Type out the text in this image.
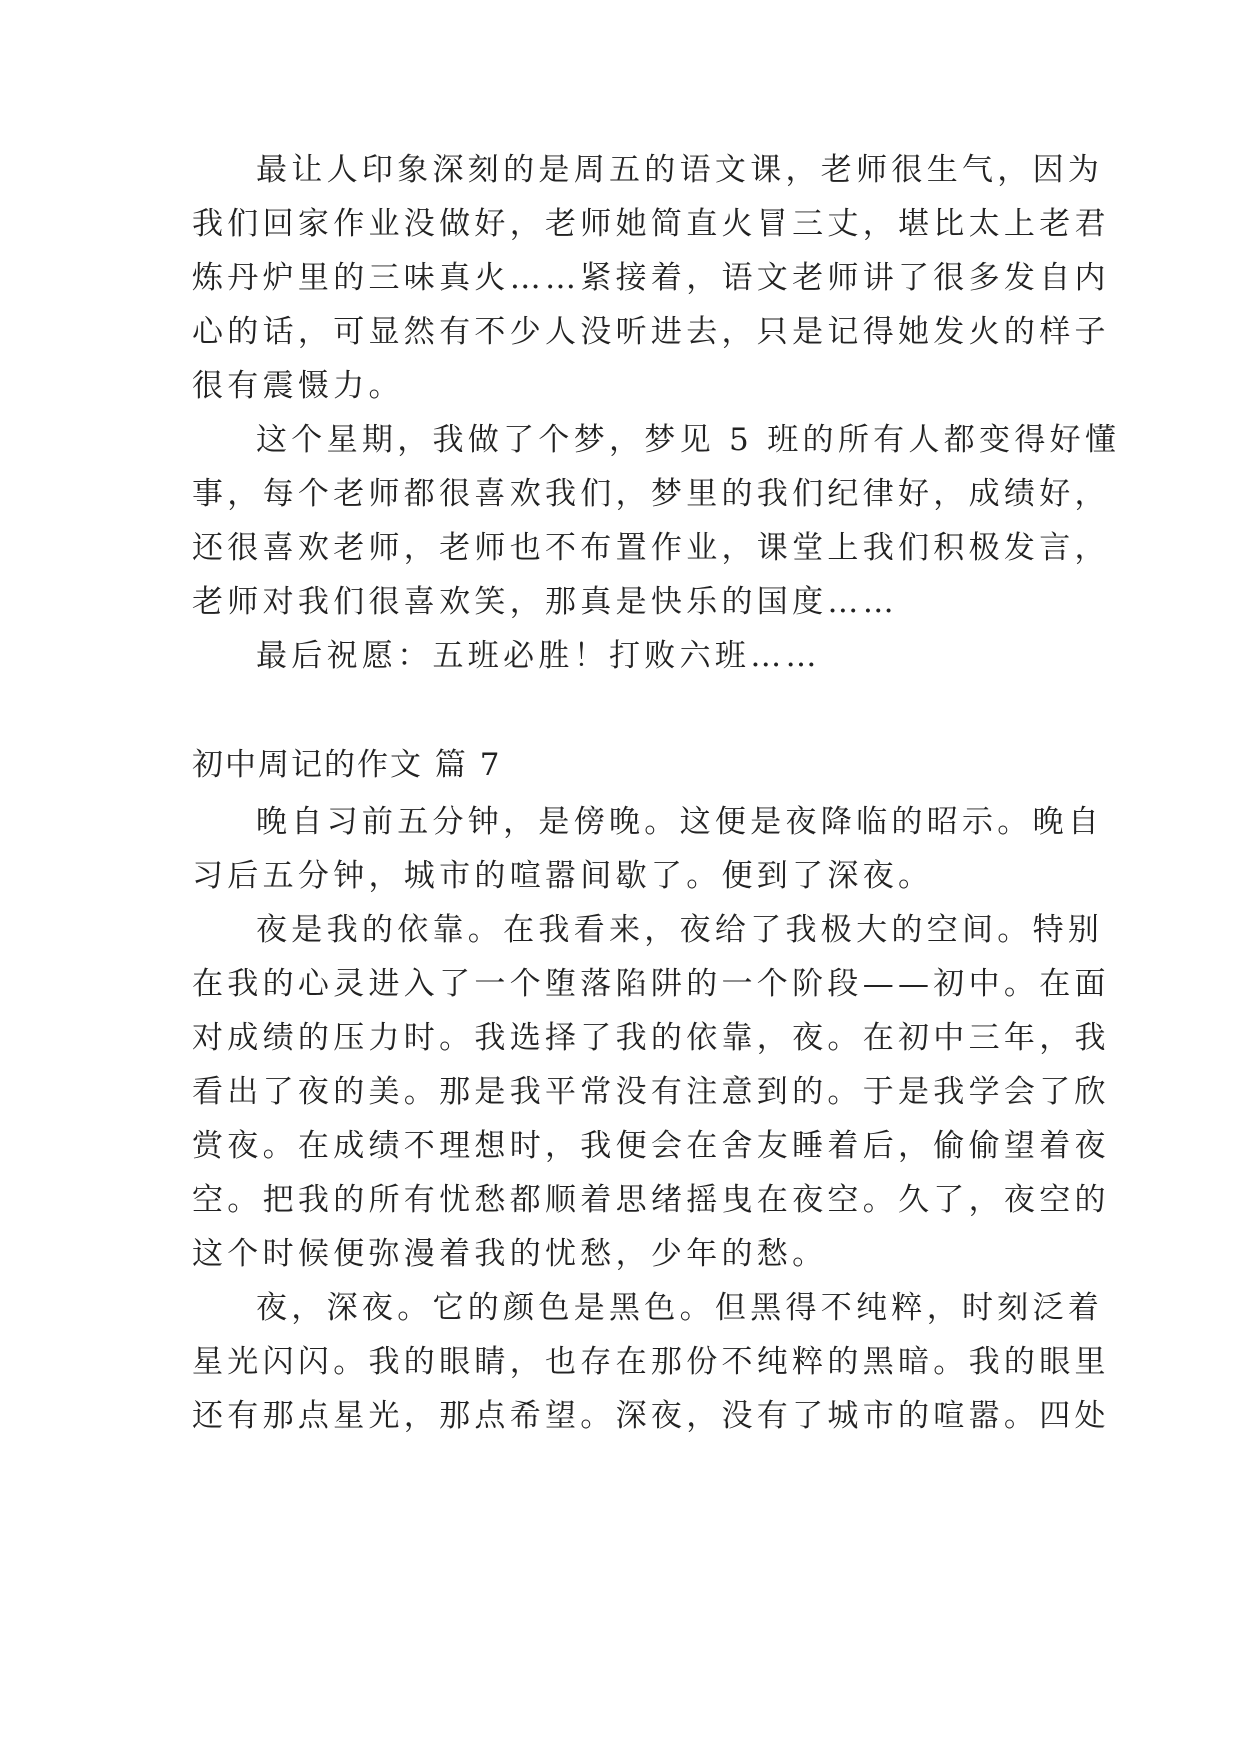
最让人印象深刻的是周五的语文课，老师很生气，因为

我们回家作业没做好，老师她简直火冒三丈，堪比太上老君

炼丹炉里的三味真火……紧接着，语文老师讲了很多发自内

心的话，可显然有不少人没听进去，只是记得她发火的样子

很有震慑力。

这个星期，我做了个梦，梦见 5 班的所有人都变得好懂

事，每个老师都很喜欢我们，梦里的我们纪律好，成绩好，

还很喜欢老师，老师也不布置作业，课堂上我们积极发言，

老师对我们很喜欢笑，那真是快乐的国度……

最后祝愿：五班必胜！打败六班……

初中周记的作文 篇 7

晚自习前五分钟，是傍晚。这便是夜降临的昭示。晚自

习后五分钟，城市的喧嚣间歇了。便到了深夜。

夜是我的依靠。在我看来，夜给了我极大的空间。特别

在我的心灵进入了一个堕落陷阱的一个阶段——初中。在面

对成绩的压力时。我选择了我的依靠，夜。在初中三年，我

看出了夜的美。那是我平常没有注意到的。于是我学会了欣

赏夜。在成绩不理想时，我便会在舍友睡着后，偷偷望着夜

空。把我的所有忧愁都顺着思绪摇曳在夜空。久了，夜空的

这个时候便弥漫着我的忧愁，少年的愁。

夜，深夜。它的颜色是黑色。但黑得不纯粹，时刻泛着

星光闪闪。我的眼睛，也存在那份不纯粹的黑暗。我的眼里

还有那点星光，那点希望。深夜，没有了城市的喧嚣。四处
